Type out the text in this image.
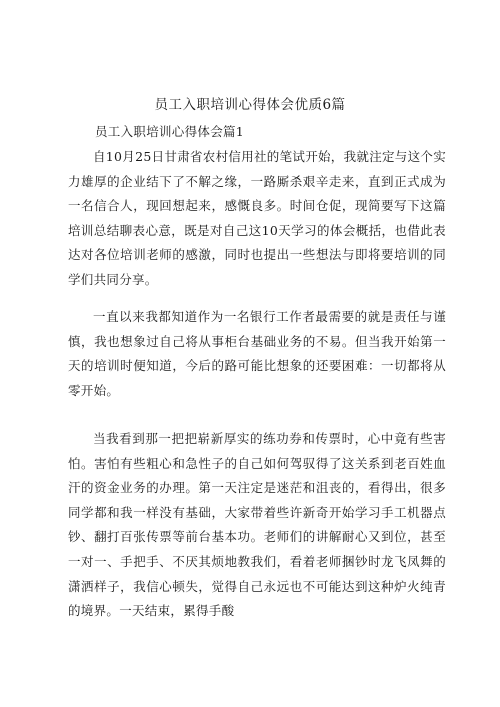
员工入职培训心得体会优质6篇
员工入职培训心得体会篇1

自10月25日甘肃省农村信用社的笔试开始，我就注定与这个实力雄厚的企业结下了不解之缘，一路厮杀艰辛走来，直到正式成为一名信合人，现回想起来，感慨良多。时间仓促，现简要写下这篇培训总结聊表心意，既是对自己这10天学习的体会概括，也借此表达对各位培训老师的感激，同时也提出一些想法与即将要培训的同学们共同分享。

一直以来我都知道作为一名银行工作者最需要的就是责任与谨慎，我也想象过自己将从事柜台基础业务的不易。但当我开始第一天的培训时便知道，今后的路可能比想象的还要困难：一切都将从零开始。

当我看到那一把把崭新厚实的练功券和传票时，心中竟有些害怕。害怕有些粗心和急性子的自己如何驾驭得了这关系到老百姓血汗的资金业务的办理。第一天注定是迷茫和沮丧的，看得出，很多同学都和我一样没有基础，大家带着些许新奇开始学习手工机器点钞、翻打百张传票等前台基本功。老师们的讲解耐心又到位，甚至一对一、手把手、不厌其烦地教我们，看着老师捆钞时龙飞凤舞的潇洒样子，我信心顿失，觉得自己永远也不可能达到这种炉火纯青的境界。一天结束，累得手酸
